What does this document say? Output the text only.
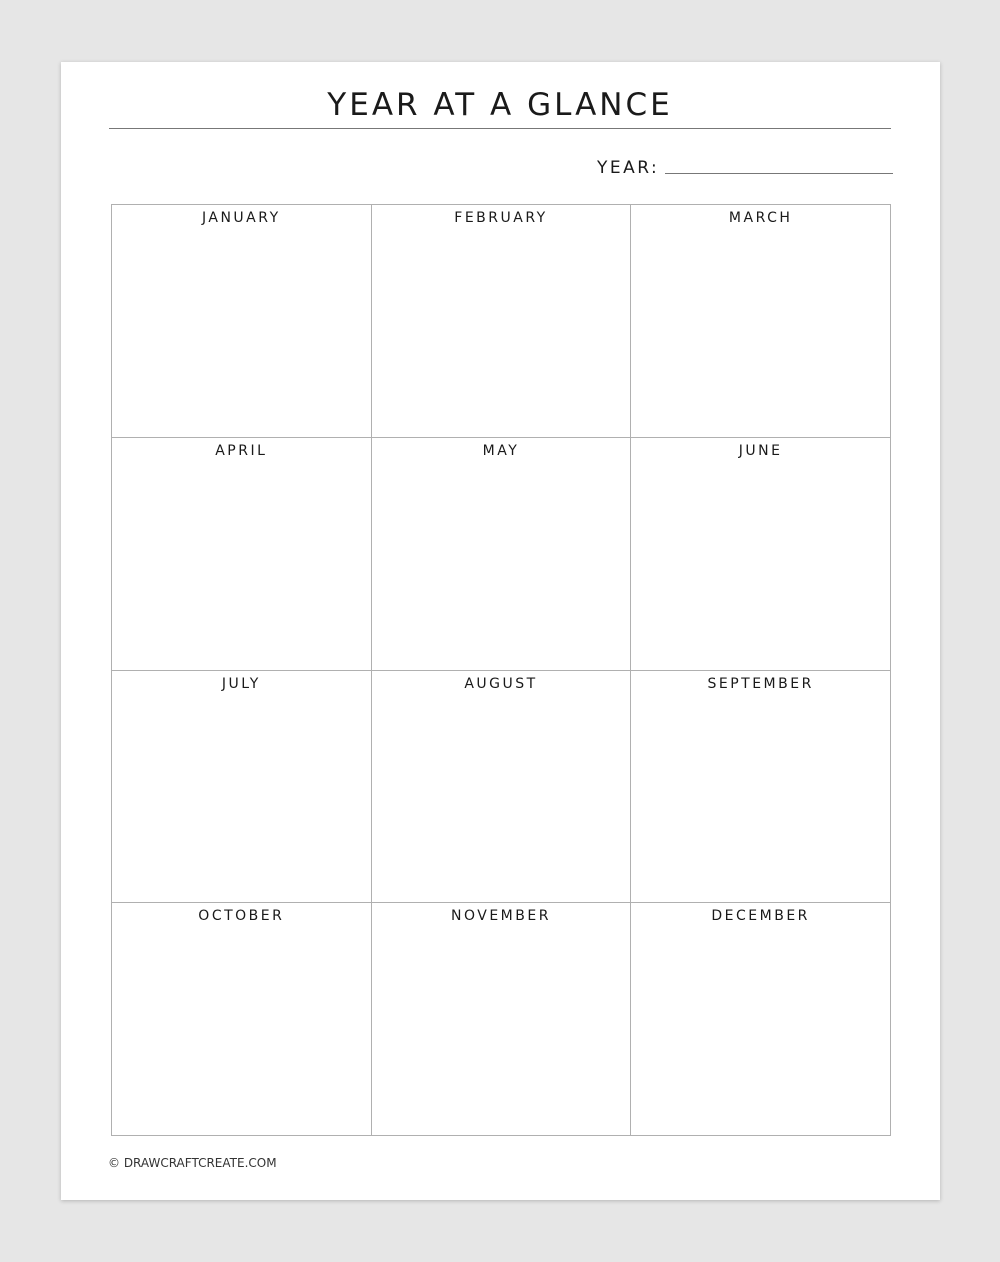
YEAR AT A GLANCE
YEAR:
JANUARY	FEBRUARY	MARCH
APRIL	MAY	JUNE
JULY	AUGUST	SEPTEMBER
OCTOBER	NOVEMBER	DECEMBER
© DRAWCRAFTCREATE.COM
